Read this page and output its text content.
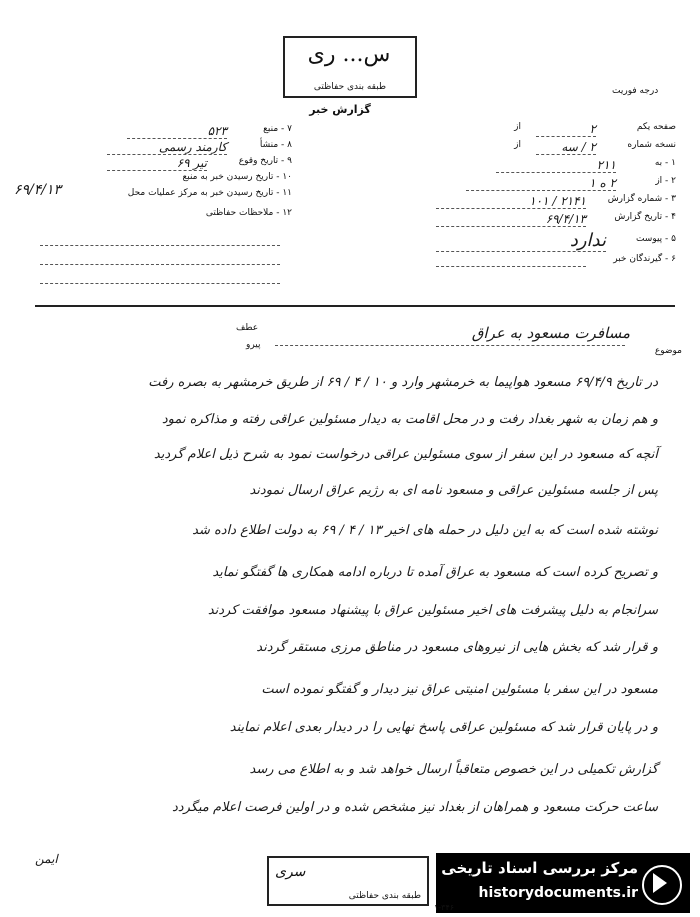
س... ری
طبقه بندی حفاظتی
گزارش خبر
درجه فوریت
صفحه یکم
۲
از
نسخه شماره
۲ / سه
از
۱ - به
۲۱۱
۲ - از
۲ ه ۱
۳ - شماره گزارش
۲۱۴۱ / ۱۰۱
۴ - تاریخ گزارش
۶۹/۴/۱۳
۵ - پیوست
ندارد
۶ - گیرندگان خبر
۷ - منبع
۵۲۳
۸ - منشأ
کارمند رسمی
۹ - تاریخ وقوع
تیر ۶۹
۱۰ - تاریخ رسیدن خبر به منبع
۱۱ - تاریخ رسیدن خبر به مرکز عملیات محل
۶۹/۴/۱۳
۱۲ - ملاحظات حفاظتی
عطف
پیرو
موضوع
مسافرت مسعود به عراق
در تاریخ ۶۹/۴/۹ مسعود هواپیما به خرمشهر وارد و ۱۰ / ۴ / ۶۹ از طریق خرمشهر به بصره رفت
و هم زمان به شهر بغداد رفت و در محل اقامت به دیدار مسئولین عراقی رفته و مذاکره نمود
آنچه که مسعود در این سفر از سوی مسئولین عراقی درخواست نمود به شرح ذیل اعلام گردید
پس از جلسه مسئولین عراقی و مسعود نامه ای به رژیم عراق ارسال نمودند
نوشته شده است که به این دلیل در حمله های اخیر ۱۳ / ۴ / ۶۹ به دولت اطلاع داده شد
و تصریح کرده است که مسعود به عراق آمده تا درباره ادامه همکاری ها گفتگو نماید
سرانجام به دلیل پیشرفت های اخیر مسئولین عراق با پیشنهاد مسعود موافقت کردند
و قرار شد که بخش هایی از نیروهای مسعود در مناطق مرزی مستقر گردند
مسعود در این سفر با مسئولین امنیتی عراق نیز دیدار و گفتگو نموده است
و در پایان قرار شد که مسئولین عراقی پاسخ نهایی را در دیدار بعدی اعلام نمایند
گزارش تکمیلی در این خصوص متعاقباً ارسال خواهد شد و به اطلاع می رسد
ساعت حرکت مسعود و همراهان از بغداد نیز مشخص شده و در اولین فرصت اعلام میگردد
ایمن
سری
طبقه بندی حفاظتی
مرکز بررسی اسناد تاریخی
historydocuments.ir
۱-۳۴۶
